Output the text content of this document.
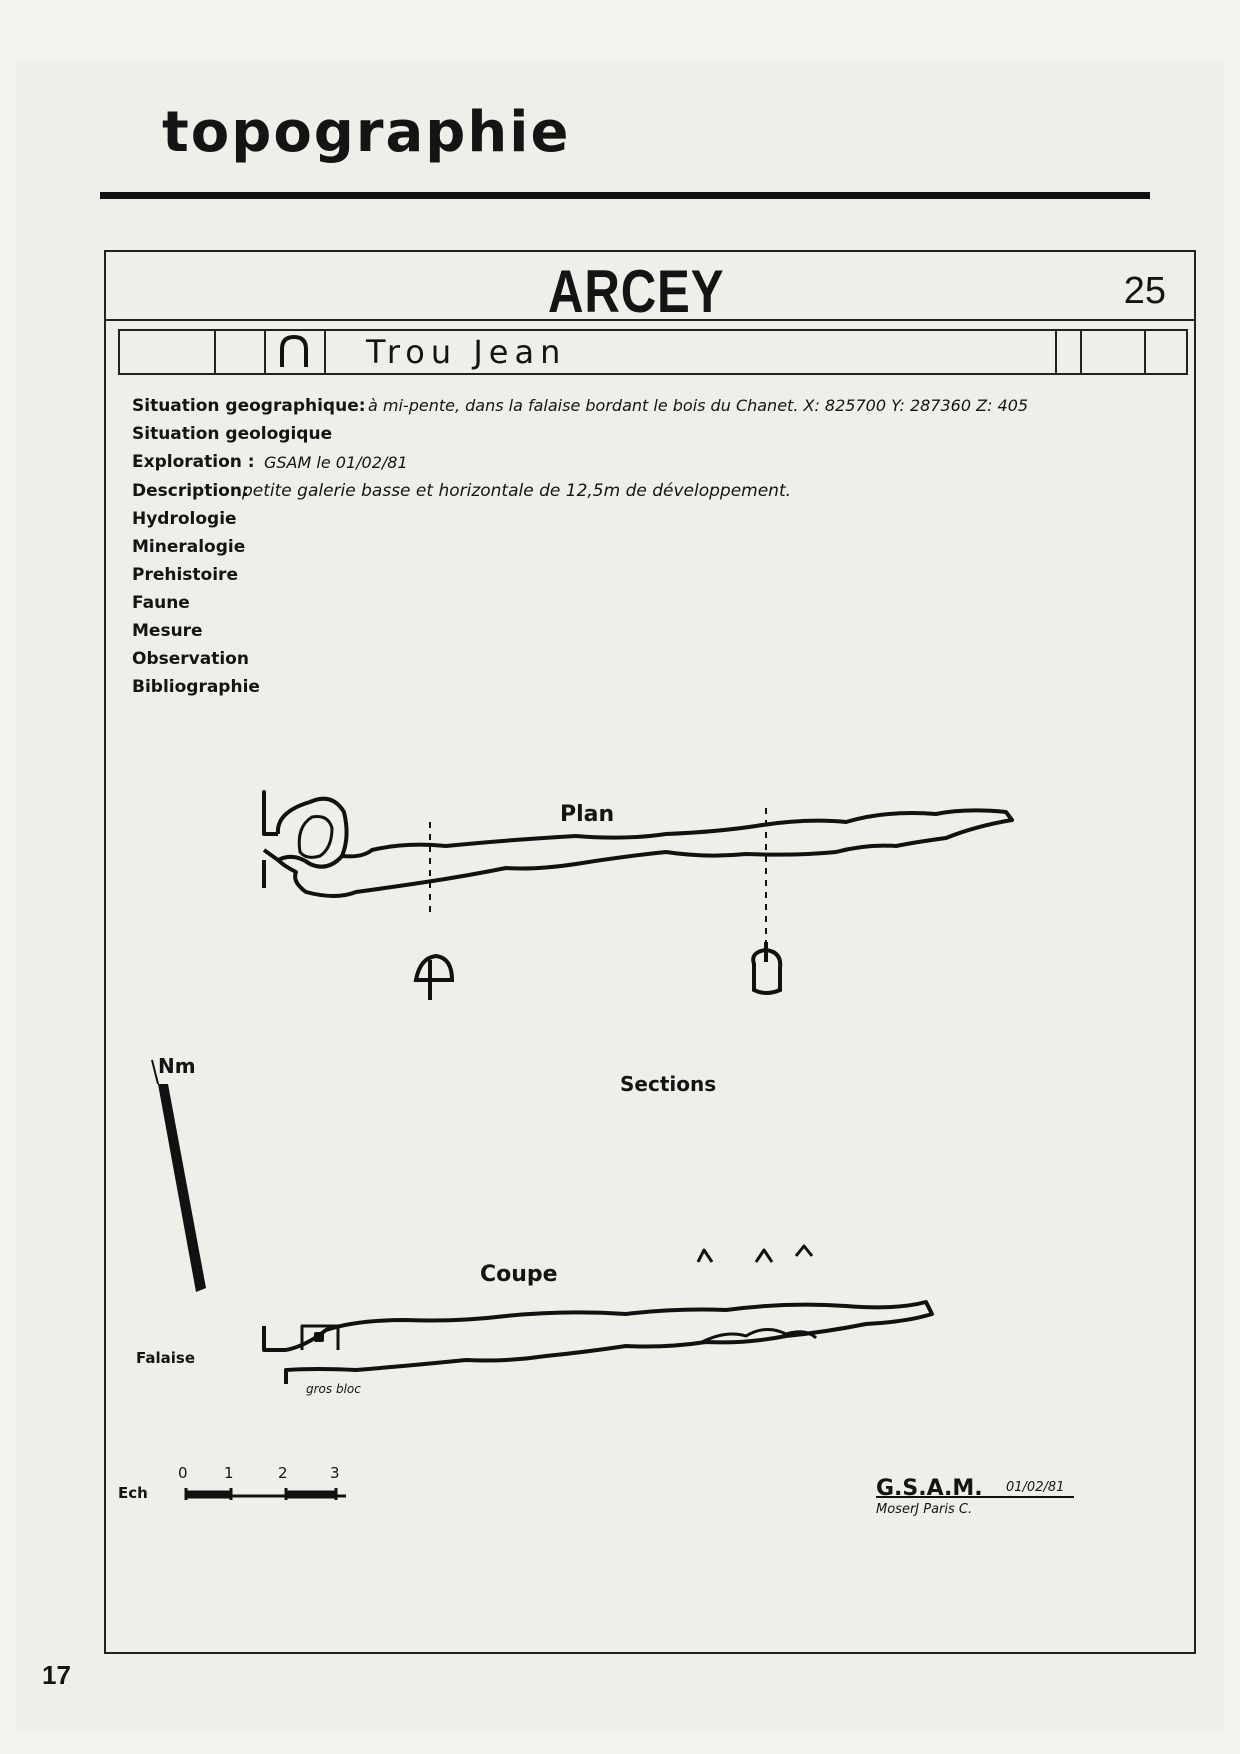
topographie
ARCEY	25
Trou Jean
Situation geographique: à mi-pente, dans la falaise bordant le bois du Chanet. X: 825700 Y: 287360 Z: 405
Situation geologique
Exploration : GSAM le 01/02/81
Description:
petite galerie basse et horizontale de 12,5m de développement.
Hydrologie
Mineralogie
Prehistoire
Faune
Mesure
Observation
Bibliographie
Plan
Sections
Coupe
Nm
Falaise
gros bloc
Ech
0 1	2	3
G.S.A.M. 01/02/81
MoserJ Paris C.
17
